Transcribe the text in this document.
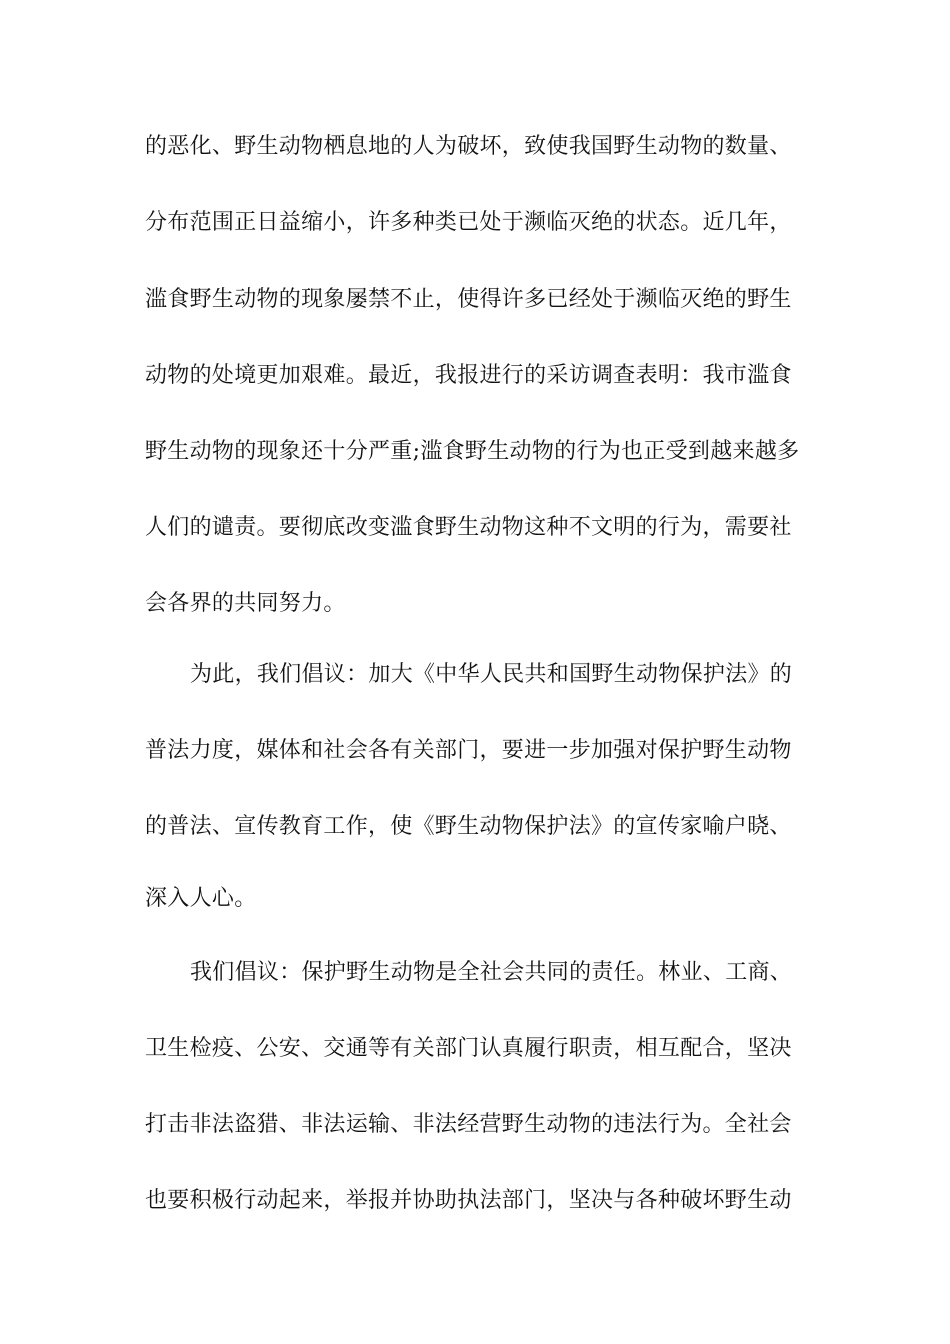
的恶化、野生动物栖息地的人为破坏，致使我国野生动物的数量、
分布范围正日益缩小，许多种类已处于濒临灭绝的状态。近几年，
滥食野生动物的现象屡禁不止，使得许多已经处于濒临灭绝的野生
动物的处境更加艰难。最近，我报进行的采访调查表明：我市滥食
野生动物的现象还十分严重;滥食野生动物的行为也正受到越来越多
人们的谴责。要彻底改变滥食野生动物这种不文明的行为，需要社
会各界的共同努力。
为此，我们倡议：加大《中华人民共和国野生动物保护法》的
普法力度，媒体和社会各有关部门，要进一步加强对保护野生动物
的普法、宣传教育工作，使《野生动物保护法》的宣传家喻户晓、
深入人心。
我们倡议：保护野生动物是全社会共同的责任。林业、工商、
卫生检疫、公安、交通等有关部门认真履行职责，相互配合，坚决
打击非法盗猎、非法运输、非法经营野生动物的违法行为。全社会
也要积极行动起来，举报并协助执法部门，坚决与各种破坏野生动
